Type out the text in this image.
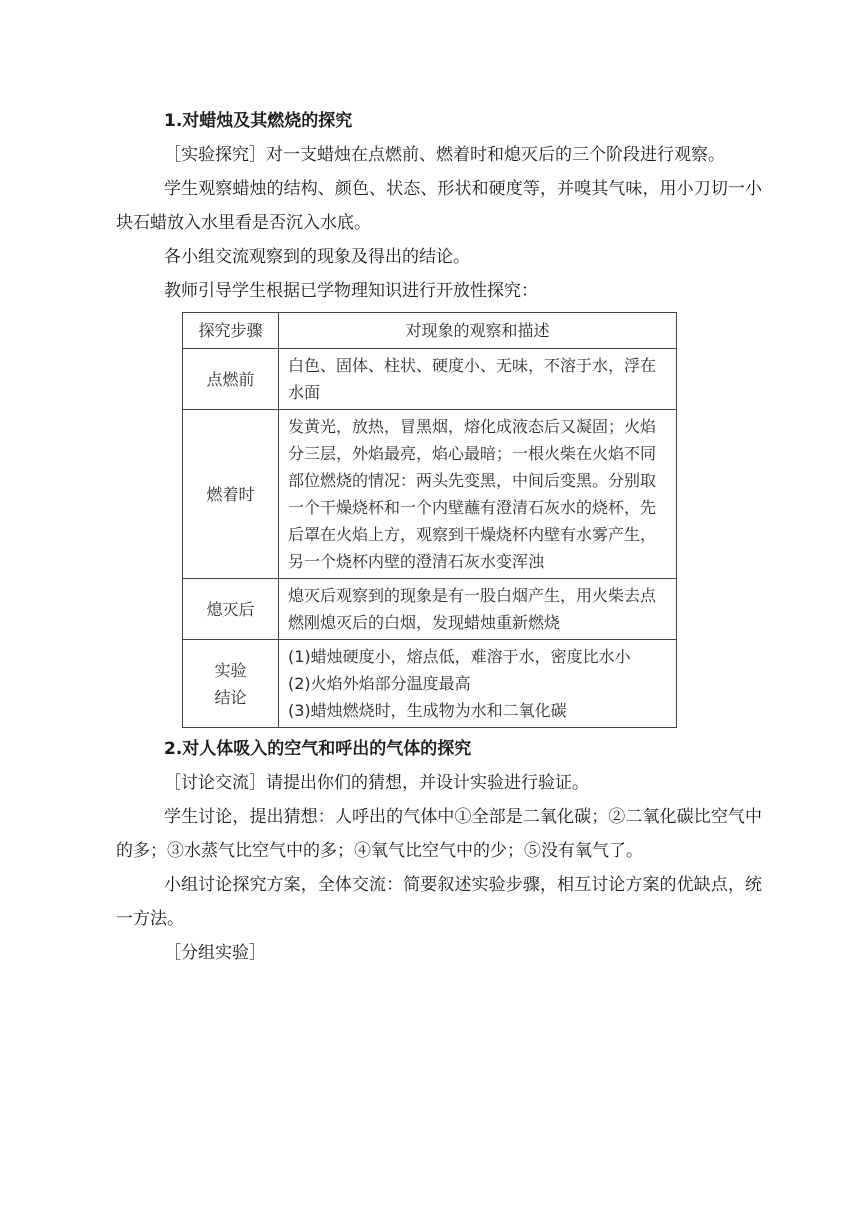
1.对蜡烛及其燃烧的探究

［实验探究］对一支蜡烛在点燃前、燃着时和熄灭后的三个阶段进行观察。

学生观察蜡烛的结构、颜色、状态、形状和硬度等，并嗅其气味，用小刀切一小块石蜡放入水里看是否沉入水底。

各小组交流观察到的现象及得出的结论。

教师引导学生根据已学物理知识进行开放性探究：

探究步骤	对现象的观察和描述
点燃前	白色、固体、柱状、硬度小、无味，不溶于水，浮在水面
燃着时	发黄光，放热，冒黑烟，熔化成液态后又凝固；火焰分三层，外焰最亮，焰心最暗；一根火柴在火焰不同部位燃烧的情况：两头先变黑，中间后变黑。分别取一个干燥烧杯和一个内壁蘸有澄清石灰水的烧杯，先后罩在火焰上方，观察到干燥烧杯内壁有水雾产生，另一个烧杯内壁的澄清石灰水变浑浊
熄灭后	熄灭后观察到的现象是有一股白烟产生，用火柴去点燃刚熄灭后的白烟，发现蜡烛重新燃烧

实验
结论	(1)蜡烛硬度小，熔点低，难溶于水，密度比水小
(2)火焰外焰部分温度最高
(3)蜡烛燃烧时，生成物为水和二氧化碳

2.对人体吸入的空气和呼出的气体的探究

［讨论交流］请提出你们的猜想，并设计实验进行验证。

学生讨论，提出猜想：人呼出的气体中①全部是二氧化碳；②二氧化碳比空气中的多；③水蒸气比空气中的多；④氧气比空气中的少；⑤没有氧气了。

小组讨论探究方案，全体交流：简要叙述实验步骤，相互讨论方案的优缺点，统一方法。

［分组实验］
